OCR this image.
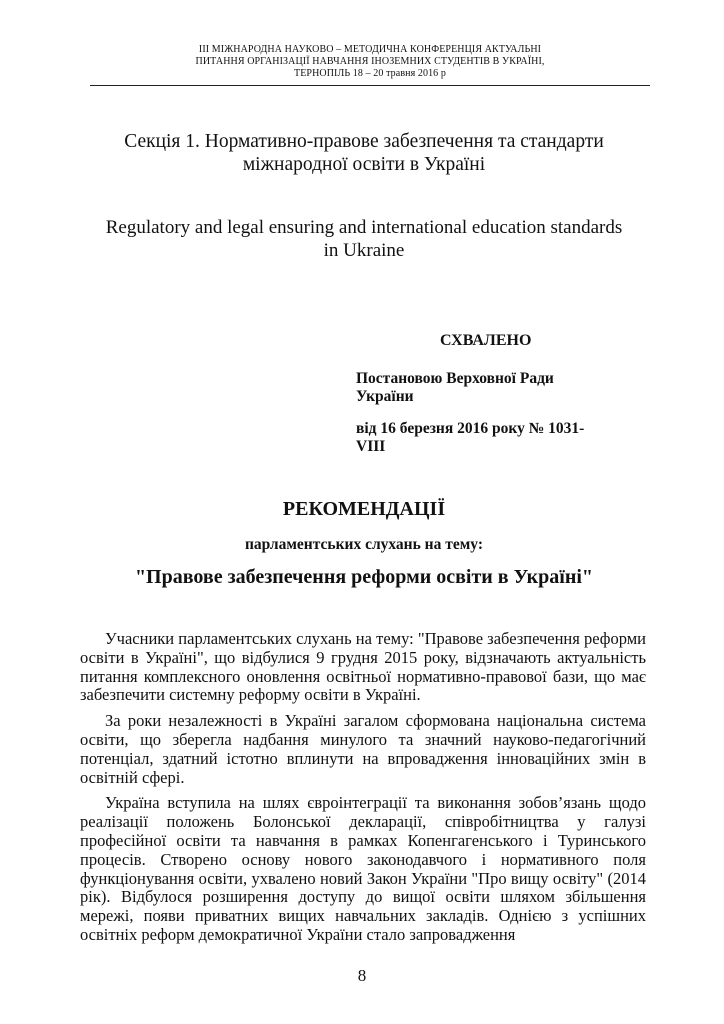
III МІЖНАРОДНА НАУКОВО – МЕТОДИЧНА КОНФЕРЕНЦІЯ АКТУАЛЬНІ
ПИТАННЯ ОРГАНІЗАЦІЇ НАВЧАННЯ ІНОЗЕМНИХ СТУДЕНТІВ В УКРАЇНІ,
ТЕРНОПІЛЬ 18 – 20 травня 2016 р
Секція 1. Нормативно-правове забезпечення та стандарти
міжнародної освіти в Україні
Regulatory and legal ensuring and international education standards
in Ukraine
СХВАЛЕНО
Постановою Верховної Ради
України
від 16 березня 2016 року № 1031-
VIII
РЕКОМЕНДАЦІЇ
парламентських слухань на тему:
"Правове забезпечення реформи освіти в Україні"

Учасники парламентських слухань на тему: "Правове забезпечення реформи освіти в Україні", що відбулися 9 грудня 2015 року, відзначають актуальність питання комплексного оновлення освітньої нормативно-правової бази, що має забезпечити системну реформу освіти в Україні.

За роки незалежності в Україні загалом сформована національна система освіти, що зберегла надбання минулого та значний науково-педагогічний потенціал, здатний істотно вплинути на впровадження інноваційних змін в освітній сфері.

Україна вступила на шлях євроінтеграції та виконання зобов’язань щодо реалізації положень Болонської декларації, співробітництва у галузі професійної освіти та навчання в рамках Копенгагенського і Туринського процесів. Створено основу нового законодавчого і нормативного поля функціонування освіти, ухвалено новий Закон України "Про вищу освіту" (2014 рік). Відбулося розширення доступу до вищої освіти шляхом збільшення мережі, появи приватних вищих навчальних закладів. Однією з успішних освітніх реформ демократичної України стало запровадження

8
